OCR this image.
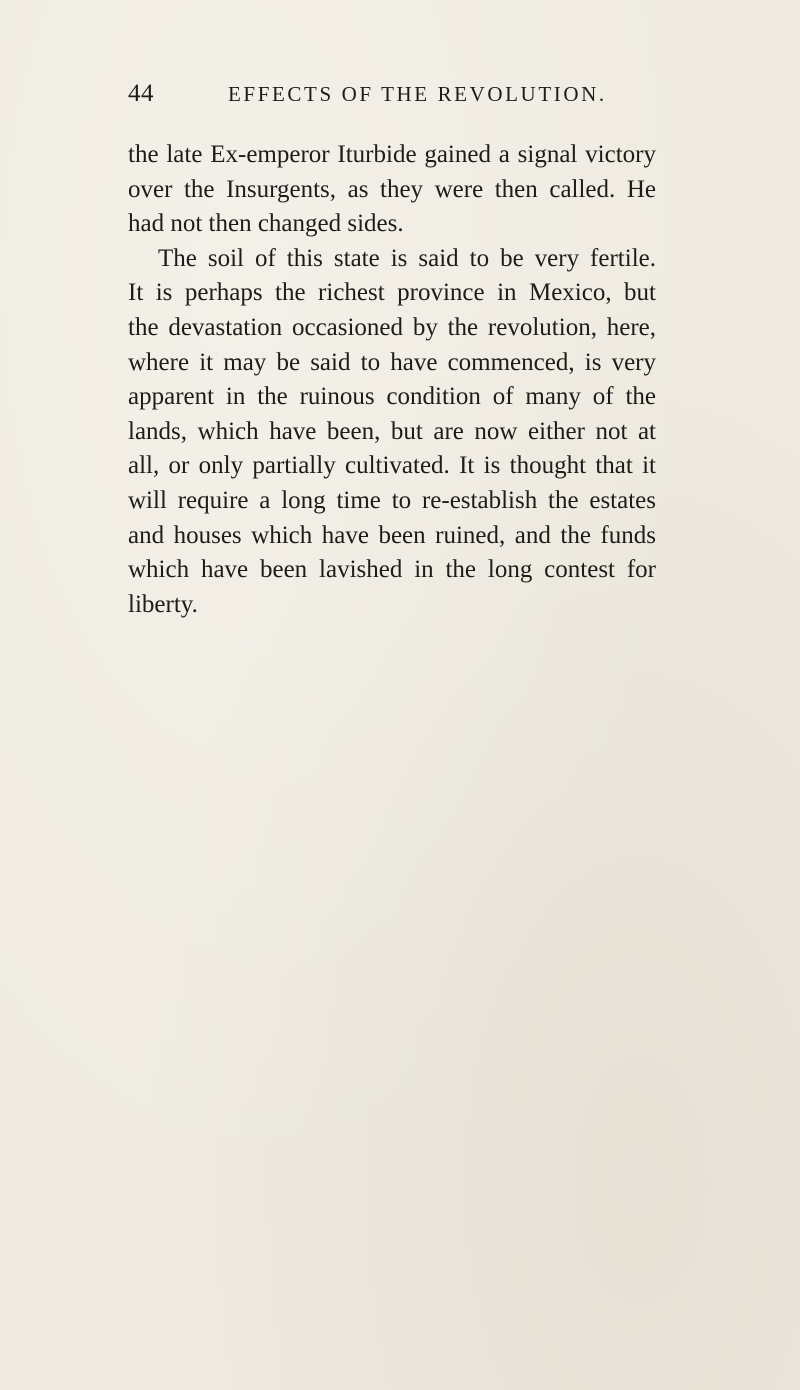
44	EFFECTS OF THE REVOLUTION.
the late Ex-emperor Iturbide gained a signal victory
over the Insurgents, as they were then called. He
had not then changed sides.
The soil of this state is said to be very fertile.
It is perhaps the richest province in Mexico, but
the devastation occasioned by the revolution, here,
where it may be said to have commenced, is very
apparent in the ruinous condition of many of the
lands, which have been, but are now either not at
all, or only partially cultivated. It is thought that it
will require a long time to re-establish the estates
and houses which have been ruined, and the funds
which have been lavished in the long contest for
liberty.
